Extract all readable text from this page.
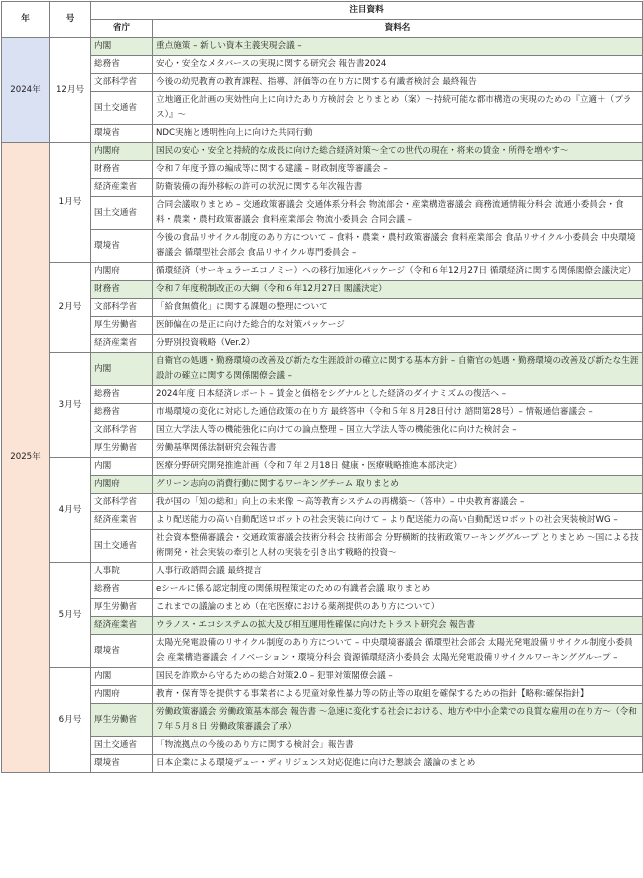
年	号	注目資料	
		省庁	資料名
2024年	12月号	内閣	重点施策 – 新しい資本主義実現会議 –
		総務省	安心・安全なメタバースの実現に関する研究会 報告書2024
		文部科学省	今後の幼児教育の教育課程、指導、評価等の在り方に関する有識者検討会 最終報告
		国土交通省	立地適正化計画の実効性向上に向けたあり方検討会 とりまとめ（案）～持続可能な都市構造の実現のための『立適＋（プラス）』～
		環境省	NDC実施と透明性向上に向けた共同行動
2025年	1月号	内閣府	国民の安心・安全と持続的な成長に向けた総合経済対策～全ての世代の現在・将来の賃金・所得を増やす～
		財務省	令和７年度予算の編成等に関する建議 – 財政制度等審議会 –
		経済産業省	防衛装備の海外移転の許可の状況に関する年次報告書
		国土交通省	合同会議取りまとめ – 交通政策審議会 交通体系分科会 物流部会・産業構造審議会 商務流通情報分科会 流通小委員会・食料・農業・農村政策審議会 食料産業部会 物流小委員会 合同会議 –
		環境省	今後の食品リサイクル制度のあり方について – 食料・農業・農村政策審議会 食料産業部会 食品リサイクル小委員会 中央環境審議会 循環型社会部会 食品リサイクル専門委員会 –
	2月号	内閣府	循環経済（サーキュラーエコノミー）への移行加速化パッケージ（令和６年12月27日 循環経済に関する関係閣僚会議決定）
		財務省	令和７年度税制改正の大綱（令和６年12月27日 閣議決定）
		文部科学省	「給食無償化」に関する課題の整理について
		厚生労働省	医師偏在の是正に向けた総合的な対策パッケージ
		経済産業省	分野別投資戦略（Ver.2）
	3月号	内閣	自衛官の処遇・勤務環境の改善及び新たな生涯設計の確立に関する基本方針 – 自衛官の処遇・勤務環境の改善及び新たな生涯設計の確立に関する関係閣僚会議 –
		総務省	2024年度 日本経済レポート – 賃金と価格をシグナルとした経済のダイナミズムの復活へ –
		総務省	市場環境の変化に対応した通信政策の在り方 最終答申（令和５年８月28日付け 諮問第28号）– 情報通信審議会 –
		文部科学省	国立大学法人等の機能強化に向けての論点整理 – 国立大学法人等の機能強化に向けた検討会 –
		厚生労働省	労働基準関係法制研究会報告書
	4月号	内閣	医療分野研究開発推進計画（令和７年２月18日 健康・医療戦略推進本部決定）
		内閣府	グリーン志向の消費行動に関するワーキングチーム 取りまとめ
		文部科学省	我が国の「知の総和」向上の未来像 ～高等教育システムの再構築～（答申）– 中央教育審議会 –
		経済産業省	より配送能力の高い自動配送ロボットの社会実装に向けて – より配送能力の高い自動配送ロボットの社会実装検討WG –
		国土交通省	社会資本整備審議会・交通政策審議会技術分科会 技術部会 分野横断的技術政策ワーキンググループ とりまとめ ～国による技術開発・社会実装の牽引と人材の実装を引き出す戦略的投資～
	5月号	人事院	人事行政諮問会議 最終提言
		総務省	eシールに係る認定制度の関係規程策定のための有識者会議 取りまとめ
		厚生労働省	これまでの議論のまとめ（在宅医療における薬剤提供のあり方について）
		経済産業省	ウラノス・エコシステムの拡大及び相互運用性確保に向けたトラスト研究会 報告書
		環境省	太陽光発電設備のリサイクル制度のあり方について – 中央環境審議会 循環型社会部会 太陽光発電設備リサイクル制度小委員会 産業構造審議会 イノベーション・環境分科会 資源循環経済小委員会 太陽光発電設備リサイクルワーキンググループ –
	6月号	内閣	国民を詐欺から守るための総合対策2.0 – 犯罪対策閣僚会議 –
		内閣府	教育・保育等を提供する事業者による児童対象性暴力等の防止等の取組を確保するための指針【略称:確保指針】
		厚生労働省	労働政策審議会 労働政策基本部会 報告書 ～急速に変化する社会における、地方や中小企業での良質な雇用の在り方～（令和７年５月８日 労働政策審議会了承）
		国土交通省	「物流拠点の今後のあり方に関する検討会」報告書
		環境省	日本企業による環境デュー・ディリジェンス対応促進に向けた懇談会 議論のまとめ
